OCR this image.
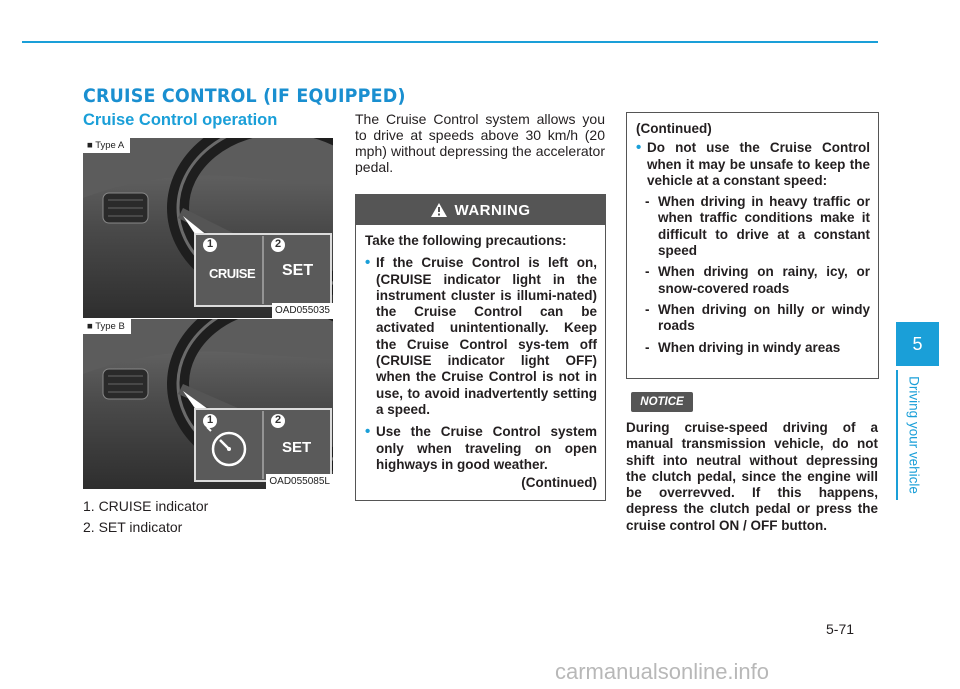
CRUISE CONTROL (IF EQUIPPED)
Cruise Control operation
1	2
CRUISE SET
■ Type A
OAD055035
1	2
SET
■ Type B
OAD055085L
1. CRUISE indicator
2. SET indicator
The Cruise Control system allows you to drive at speeds above 30 km/h (20 mph) without depressing the accelerator pedal.
WARNING
Take the following precautions:
• If the Cruise Control is left on, (CRUISE indicator light in the instrument cluster is illumi-nated) the Cruise Control can be activated unintentionally. Keep the Cruise Control sys-tem off (CRUISE indicator light OFF) when the Cruise Control is not in use, to avoid inadvertently setting a speed.
• Use the Cruise Control system only when traveling on open highways in good weather.
(Continued)
(Continued)
• Do not use the Cruise Control when it may be unsafe to keep the vehicle at a constant speed:
- When driving in heavy traffic or when traffic conditions make it difficult to drive at a constant speed
- When driving on rainy, icy, or snow-covered roads
- When driving on hilly or windy roads
- When driving in windy areas
NOTICE
During cruise-speed driving of a manual transmission vehicle, do not shift into neutral without depressing the clutch pedal, since the engine will be overrevved. If this happens, depress the clutch pedal or press the cruise control ON / OFF button.
5
Driving your vehicle
5-71
carmanualsonline.info
